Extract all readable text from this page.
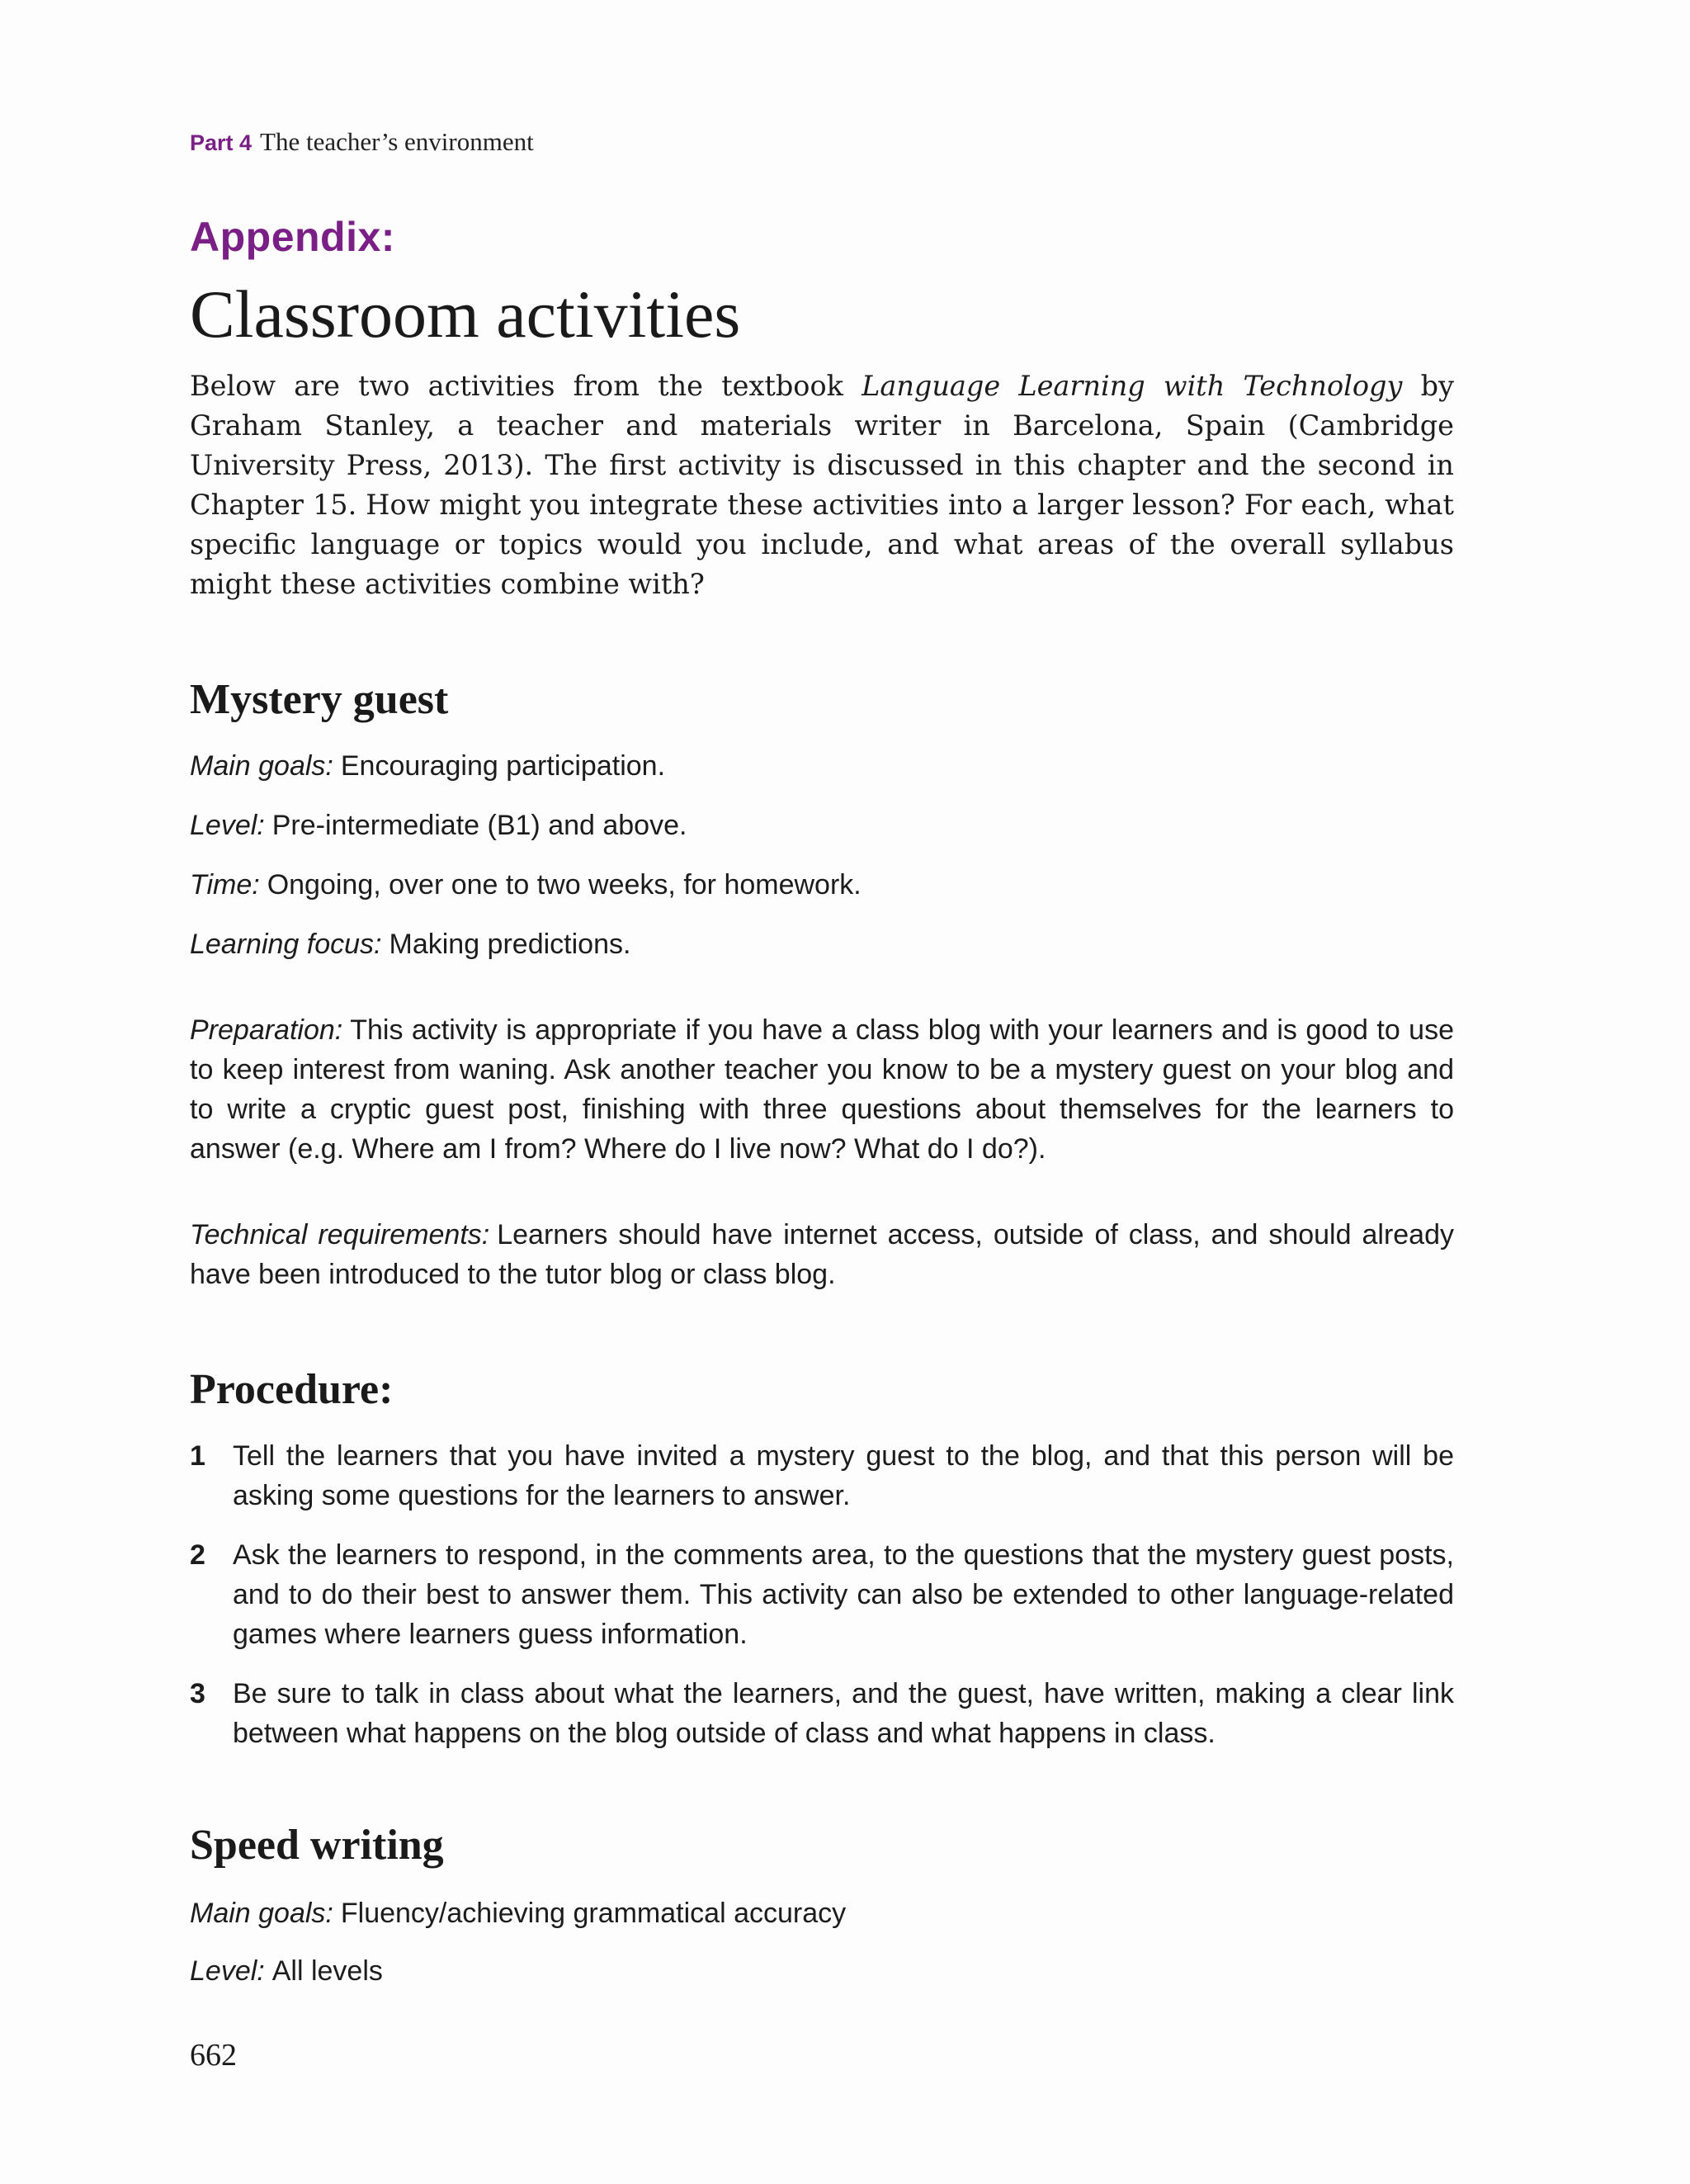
Part 4 The teacher’s environment
Appendix:
Classroom activities

Below are two activities from the textbook Language Learning with Technology by Graham Stanley, a teacher and materials writer in Barcelona, Spain (Cambridge University Press, 2013). The first activity is discussed in this chapter and the second in Chapter 15. How might you integrate these activities into a larger lesson? For each, what specific language or topics would you include, and what areas of the overall syllabus might these activities combine with?

Mystery guest
Main goals: Encouraging participation.
Level: Pre-intermediate (B1) and above.
Time: Ongoing, over one to two weeks, for homework.
Learning focus: Making predictions.
Preparation: This activity is appropriate if you have a class blog with your learners and is good to use to keep interest from waning. Ask another teacher you know to be a mystery guest on your blog and to write a cryptic guest post, finishing with three questions about themselves for the learners to answer (e.g. Where am I from? Where do I live now? What do I do?).
Technical requirements: Learners should have internet access, outside of class, and should already have been introduced to the tutor blog or class blog.
Procedure:
1 Tell the learners that you have invited a mystery guest to the blog, and that this person will be asking some questions for the learners to answer.
2 Ask the learners to respond, in the comments area, to the questions that the mystery guest posts, and to do their best to answer them. This activity can also be extended to other language-related games where learners guess information.
3 Be sure to talk in class about what the learners, and the guest, have written, making a clear link between what happens on the blog outside of class and what happens in class.
Speed writing
Main goals: Fluency/achieving grammatical accuracy
Level: All levels
662
